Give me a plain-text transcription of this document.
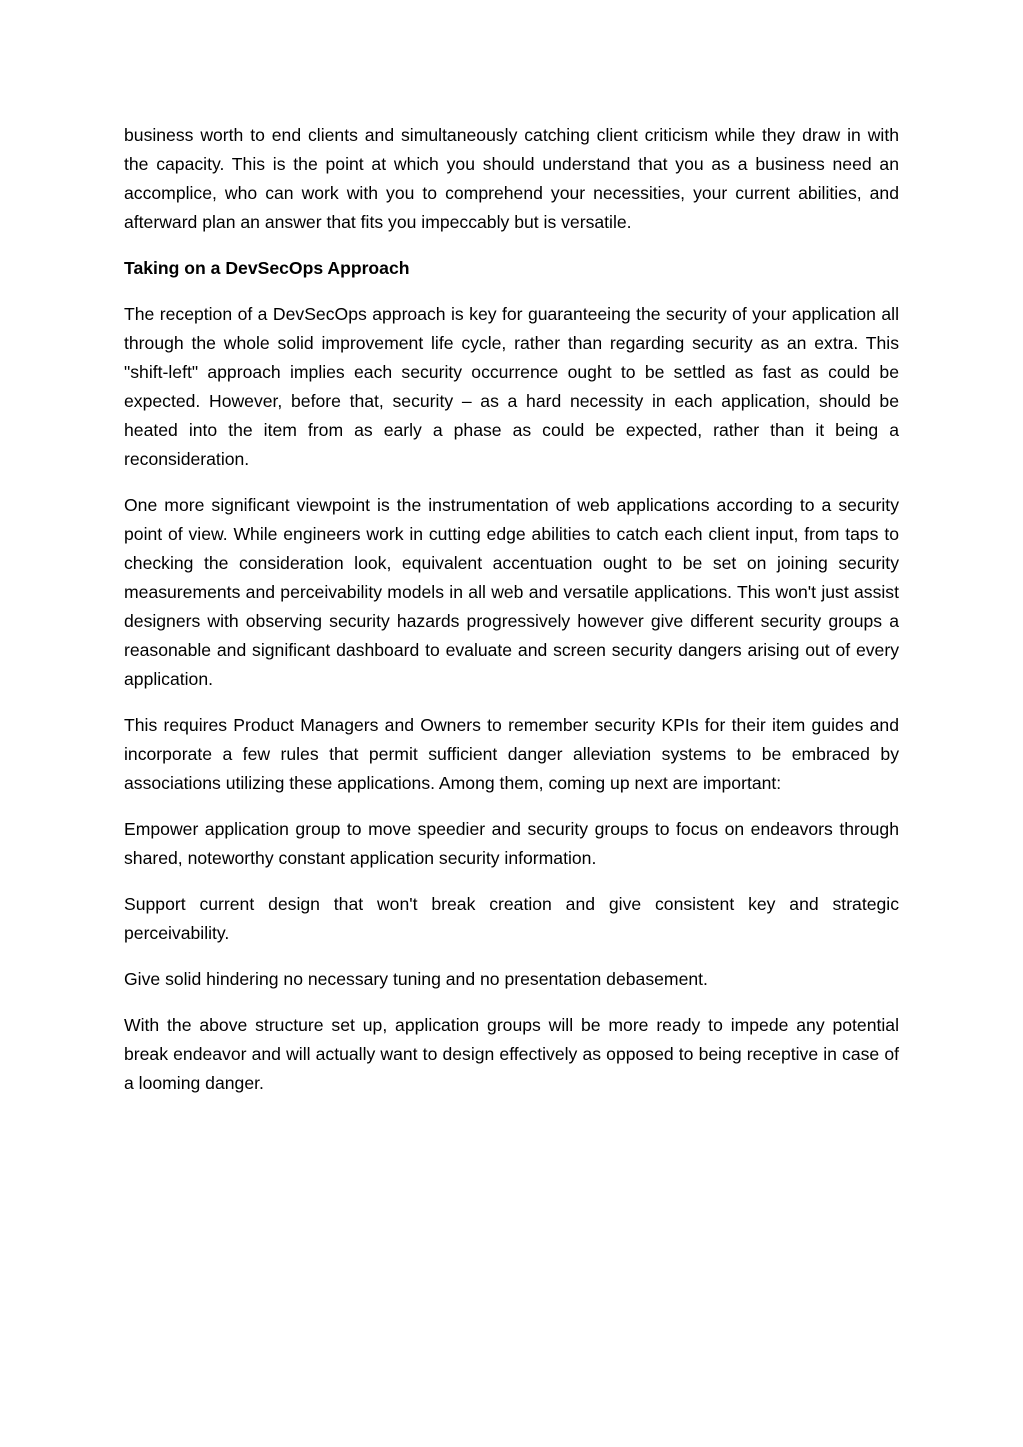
business worth to end clients and simultaneously catching client criticism while they draw in with the capacity. This is the point at which you should understand that you as a business need an accomplice, who can work with you to comprehend your necessities, your current abilities, and afterward plan an answer that fits you impeccably but is versatile.

Taking on a DevSecOps Approach

The reception of a DevSecOps approach is key for guaranteeing the security of your application all through the whole solid improvement life cycle, rather than regarding security as an extra. This "shift-left" approach implies each security occurrence ought to be settled as fast as could be expected. However, before that, security – as a hard necessity in each application, should be heated into the item from as early a phase as could be expected, rather than it being a reconsideration.

One more significant viewpoint is the instrumentation of web applications according to a security point of view. While engineers work in cutting edge abilities to catch each client input, from taps to checking the consideration look, equivalent accentuation ought to be set on joining security measurements and perceivability models in all web and versatile applications. This won't just assist designers with observing security hazards progressively however give different security groups a reasonable and significant dashboard to evaluate and screen security dangers arising out of every application.

This requires Product Managers and Owners to remember security KPIs for their item guides and incorporate a few rules that permit sufficient danger alleviation systems to be embraced by associations utilizing these applications. Among them, coming up next are important:

Empower application group to move speedier and security groups to focus on endeavors through shared, noteworthy constant application security information.

Support current design that won't break creation and give consistent key and strategic perceivability.

Give solid hindering no necessary tuning and no presentation debasement.

With the above structure set up, application groups will be more ready to impede any potential break endeavor and will actually want to design effectively as opposed to being receptive in case of a looming danger.
